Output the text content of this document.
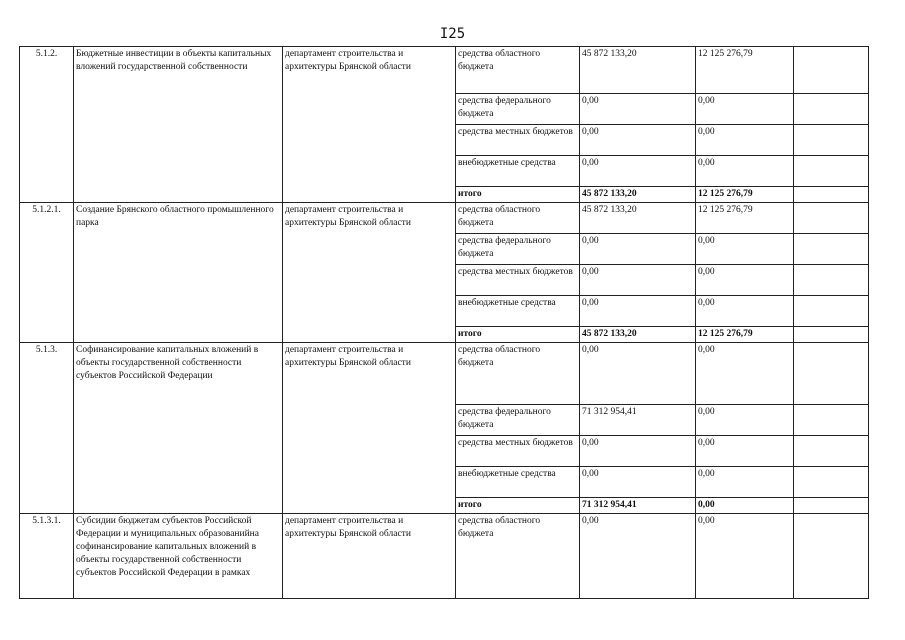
I25
5.1.2.	Бюджетные инвестиции в объекты капитальных вложений государственной собственности	департамент строительства и архитектуры Брянской области	средства областного бюджета	45 872 133,20	12 125 276,79	
			средства федерального бюджета	0,00	0,00	
			средства местных бюджетов	0,00	0,00	
			внебюджетные средства	0,00	0,00	
			итого	45 872 133,20	12 125 276,79	
5.1.2.1.	Создание Брянского областного промышленного парка	департамент строительства и архитектуры Брянской области	средства областного бюджета	45 872 133,20	12 125 276,79	
			средства федерального бюджета	0,00	0,00	
			средства местных бюджетов	0,00	0,00	
			внебюджетные средства	0,00	0,00	
			итого	45 872 133,20	12 125 276,79	
5.1.3.	Софинансирование капитальных вложений в объекты государственной собственности субъектов Российской Федерации	департамент строительства и архитектуры Брянской области	средства областного бюджета	0,00	0,00	
			средства федерального бюджета	71 312 954,41	0,00	
			средства местных бюджетов	0,00	0,00	
			внебюджетные средства	0,00	0,00	
			итого	71 312 954,41	0,00	
5.1.3.1.	Субсидии бюджетам субъектов Российской Федерации и муниципальных образованийна софинансирование капитальных вложений в объекты государственной собственности субъектов Российской Федерации в рамках	департамент строительства и архитектуры Брянской области	средства областного бюджета	0,00	0,00	
